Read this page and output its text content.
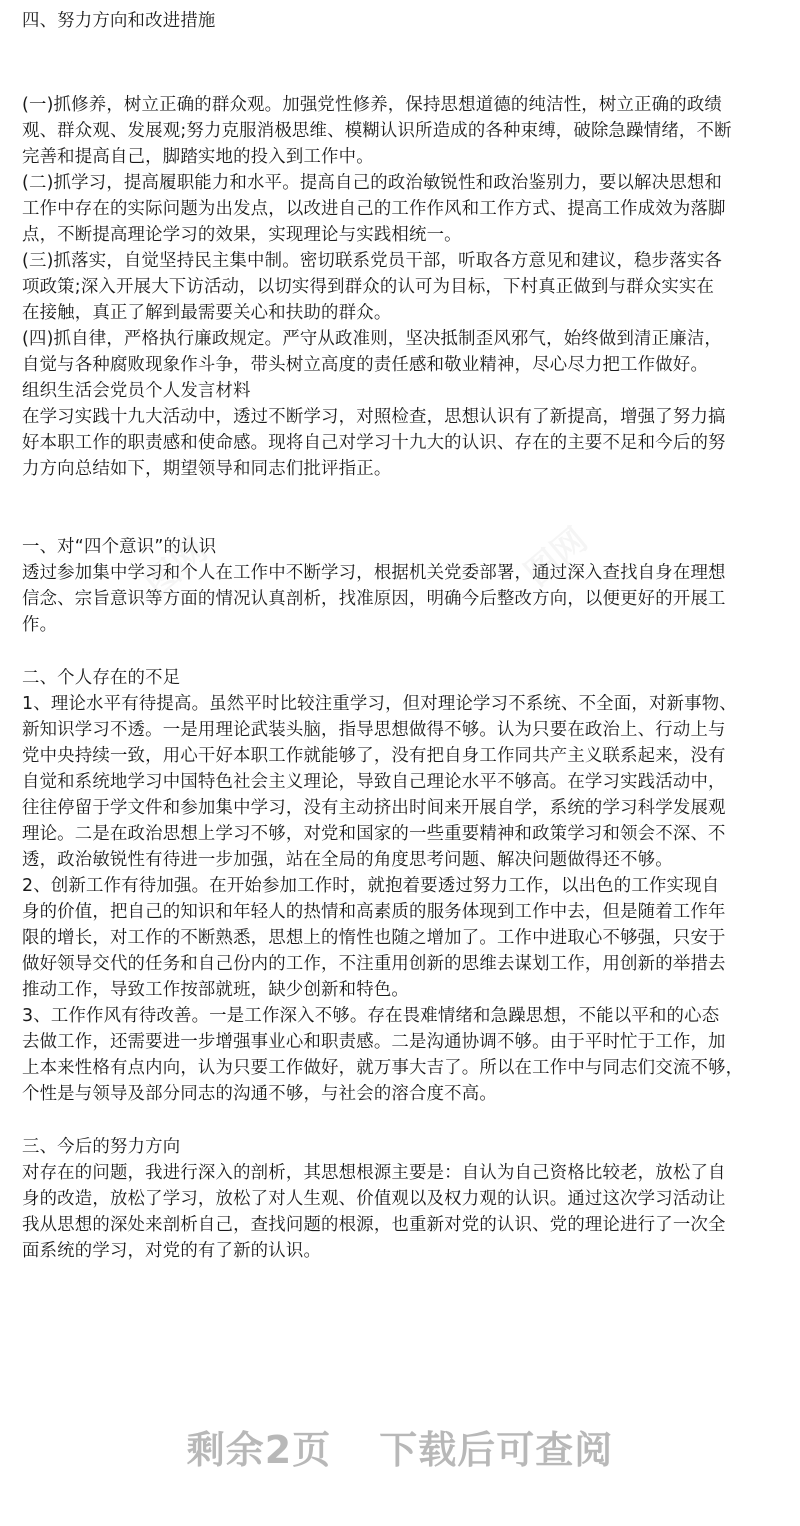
四、努力方向和改进措施
(一)抓修养，树立正确的群众观。加强党性修养，保持思想道德的纯洁性，树立正确的政绩
观、群众观、发展观;努力克服消极思维、模糊认识所造成的各种束缚，破除急躁情绪，不断
完善和提高自己，脚踏实地的投入到工作中。
(二)抓学习，提高履职能力和水平。提高自己的政治敏锐性和政治鉴别力，要以解决思想和
工作中存在的实际问题为出发点，以改进自己的工作作风和工作方式、提高工作成效为落脚
点，不断提高理论学习的效果，实现理论与实践相统一。
(三)抓落实，自觉坚持民主集中制。密切联系党员干部，听取各方意见和建议，稳步落实各
项政策;深入开展大下访活动，以切实得到群众的认可为目标，下村真正做到与群众实实在
在接触，真正了解到最需要关心和扶助的群众。
(四)抓自律，严格执行廉政规定。严守从政准则，坚决抵制歪风邪气，始终做到清正廉洁，
自觉与各种腐败现象作斗争，带头树立高度的责任感和敬业精神，尽心尽力把工作做好。
组织生活会党员个人发言材料
在学习实践十九大活动中，透过不断学习，对照检查，思想认识有了新提高，增强了努力搞
好本职工作的职责感和使命感。现将自己对学习十九大的认识、存在的主要不足和今后的努
力方向总结如下，期望领导和同志们批评指正。
一、对“四个意识”的认识
透过参加集中学习和个人在工作中不断学习，根据机关党委部署，通过深入查找自身在理想
信念、宗旨意识等方面的情况认真剖析，找准原因，明确今后整改方向，以便更好的开展工
作。
二、个人存在的不足
1、理论水平有待提高。虽然平时比较注重学习，但对理论学习不系统、不全面，对新事物、
新知识学习不透。一是用理论武装头脑，指导思想做得不够。认为只要在政治上、行动上与
党中央持续一致，用心干好本职工作就能够了，没有把自身工作同共产主义联系起来，没有
自觉和系统地学习中国特色社会主义理论，导致自己理论水平不够高。在学习实践活动中，
往往停留于学文件和参加集中学习，没有主动挤出时间来开展自学，系统的学习科学发展观
理论。二是在政治思想上学习不够，对党和国家的一些重要精神和政策学习和领会不深、不
透，政治敏锐性有待进一步加强，站在全局的角度思考问题、解决问题做得还不够。
2、创新工作有待加强。在开始参加工作时，就抱着要透过努力工作，以出色的工作实现自
身的价值，把自己的知识和年轻人的热情和高素质的服务体现到工作中去，但是随着工作年
限的增长，对工作的不断熟悉，思想上的惰性也随之增加了。工作中进取心不够强，只安于
做好领导交代的任务和自己份内的工作，不注重用创新的思维去谋划工作，用创新的举措去
推动工作，导致工作按部就班，缺少创新和特色。
3、工作作风有待改善。一是工作深入不够。存在畏难情绪和急躁思想，不能以平和的心态
去做工作，还需要进一步增强事业心和职责感。二是沟通协调不够。由于平时忙于工作，加
上本来性格有点内向，认为只要工作做好，就万事大吉了。所以在工作中与同志们交流不够，
个性是与领导及部分同志的沟通不够，与社会的溶合度不高。
三、今后的努力方向
对存在的问题，我进行深入的剖析，其思想根源主要是：自认为自己资格比较老，放松了自
身的改造，放松了学习，放松了对人生观、价值观以及权力观的认识。通过这次学习活动让
我从思想的深处来剖析自己，查找问题的根源，也重新对党的认识、党的理论进行了一次全
面系统的学习，对党的有了新的认识。
剩余2页 下载后可查阅
